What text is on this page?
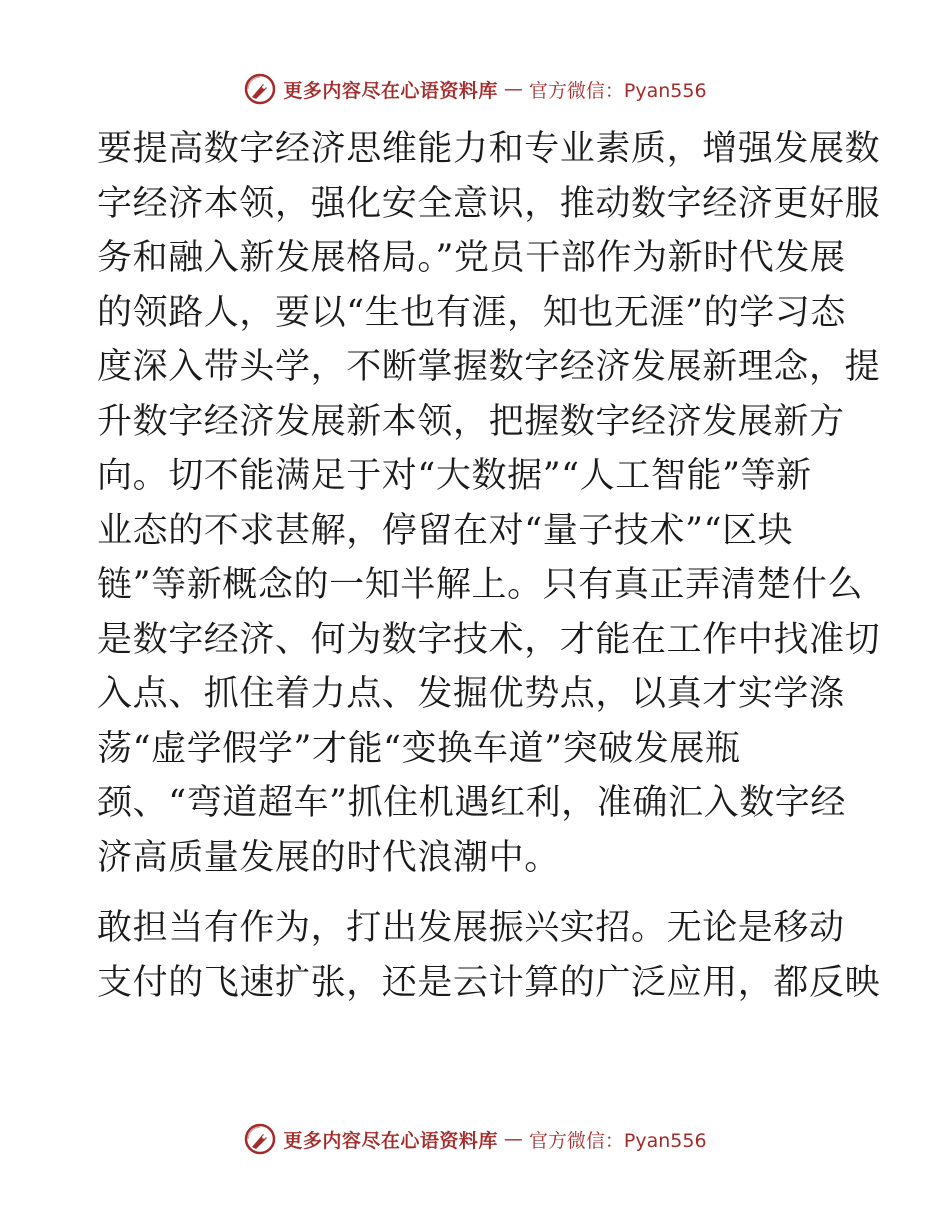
更多内容尽在心语资料库 — 官方微信：Pyan556
要提高数字经济思维能力和专业素质，增强发展数
字经济本领，强化安全意识，推动数字经济更好服
务和融入新发展格局。”党员干部作为新时代发展
的领路人，要以“生也有涯，知也无涯”的学习态
度深入带头学，不断掌握数字经济发展新理念，提
升数字经济发展新本领，把握数字经济发展新方
向。切不能满足于对“大数据”“人工智能”等新
业态的不求甚解，停留在对“量子技术”“区块
链”等新概念的一知半解上。只有真正弄清楚什么
是数字经济、何为数字技术，才能在工作中找准切
入点、抓住着力点、发掘优势点，以真才实学涤
荡“虚学假学”才能“变换车道”突破发展瓶
颈、“弯道超车”抓住机遇红利，准确汇入数字经
济高质量发展的时代浪潮中。
敢担当有作为，打出发展振兴实招。无论是移动
支付的飞速扩张，还是云计算的广泛应用，都反映
更多内容尽在心语资料库 — 官方微信：Pyan556
